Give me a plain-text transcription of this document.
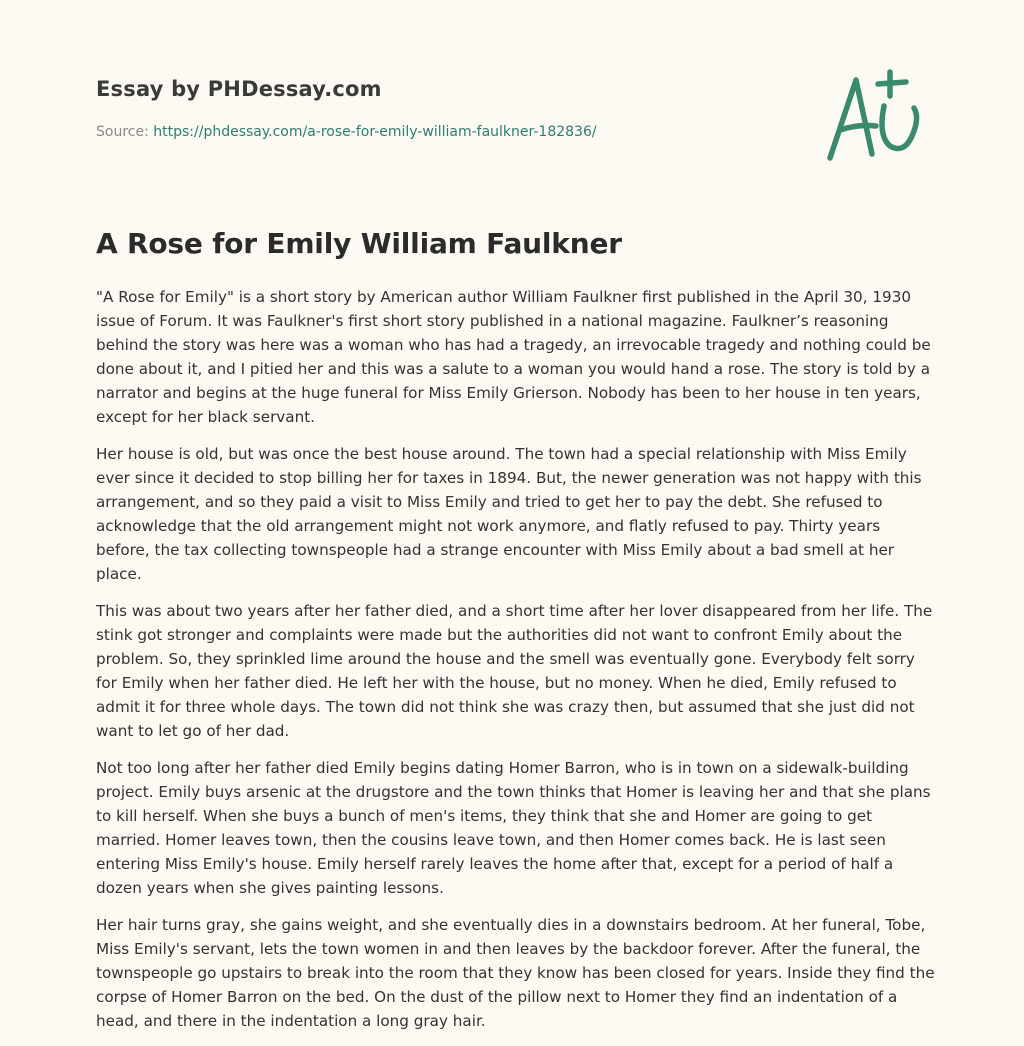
Essay by PHDessay.com
Source: https://phdessay.com/a-rose-for-emily-william-faulkner-182836/
A Rose for Emily William Faulkner

"A Rose for Emily" is a short story by American author William Faulkner first published in the April 30, 1930 issue of Forum. It was Faulkner's first short story published in a national magazine. Faulkner’s reasoning behind the story was here was a woman who has had a tragedy, an irrevocable tragedy and nothing could be done about it, and I pitied her and this was a salute to a woman you would hand a rose. The story is told by a narrator and begins at the huge funeral for Miss Emily Grierson. Nobody has been to her house in ten years, except for her black servant.

Her house is old, but was once the best house around. The town had a special relationship with Miss Emily ever since it decided to stop billing her for taxes in 1894. But, the newer generation was not happy with this arrangement, and so they paid a visit to Miss Emily and tried to get her to pay the debt. She refused to acknowledge that the old arrangement might not work anymore, and flatly refused to pay. Thirty years before, the tax collecting townspeople had a strange encounter with Miss Emily about a bad smell at her place.

This was about two years after her father died, and a short time after her lover disappeared from her life. The stink got stronger and complaints were made but the authorities did not want to confront Emily about the problem. So, they sprinkled lime around the house and the smell was eventually gone. Everybody felt sorry for Emily when her father died. He left her with the house, but no money. When he died, Emily refused to admit it for three whole days. The town did not think she was crazy then, but assumed that she just did not want to let go of her dad.

Not too long after her father died Emily begins dating Homer Barron, who is in town on a sidewalk-building project. Emily buys arsenic at the drugstore and the town thinks that Homer is leaving her and that she plans to kill herself. When she buys a bunch of men's items, they think that she and Homer are going to get married. Homer leaves town, then the cousins leave town, and then Homer comes back. He is last seen entering Miss Emily's house. Emily herself rarely leaves the home after that, except for a period of half a dozen years when she gives painting lessons.

Her hair turns gray, she gains weight, and she eventually dies in a downstairs bedroom. At her funeral, Tobe, Miss Emily's servant, lets the town women in and then leaves by the backdoor forever. After the funeral, the townspeople go upstairs to break into the room that they know has been closed for years. Inside they find the corpse of Homer Barron on the bed. On the dust of the pillow next to Homer they find an indentation of a head, and there in the indentation a long gray hair.
